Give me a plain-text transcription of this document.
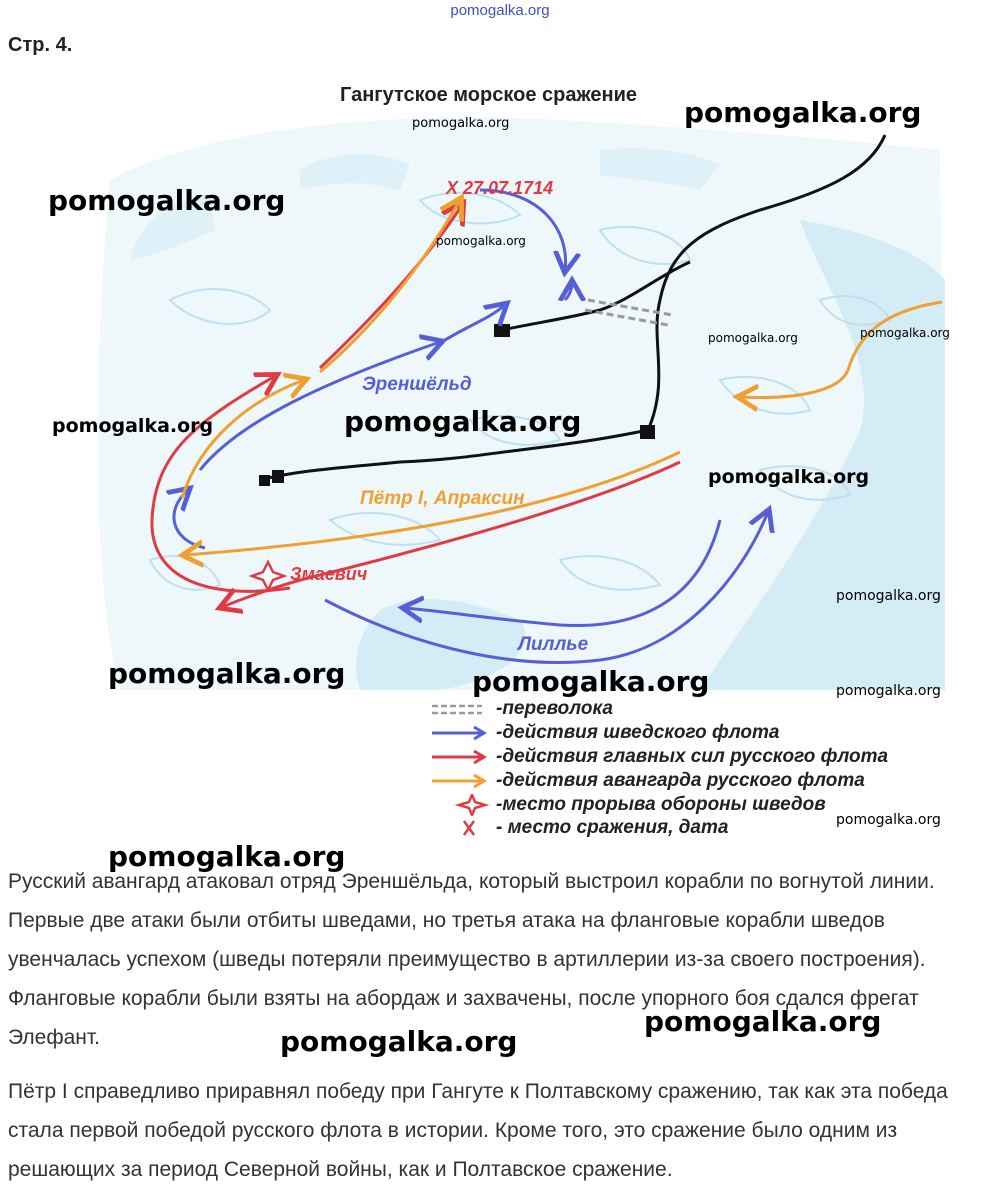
pomogalka.org
Стр. 4.
Гангутское морское сражение
X 27.07.1714
Эреншёльд
Пётр I, Апраксин
Змаевич
Лиллье
-переволока
-действия шведского флота
-действия главных сил русского флота
-действия авангарда русского флота
-место прорыва обороны шведов
- место сражения, дата
pomogalka.org	pomogalka.org
pomogalka.org
pomogalka.org
pomogalka.org
pomogalka.org
pomogalka.org	pomogalka.org
pomogalka.org
pomogalka.org
pomogalka.org	pomogalka.org	pomogalka.org
pomogalka.org
pomogalka.org
Русский авангард атаковал отряд Эреншёльда, который выстроил корабли по вогнутой линии. Первые две атаки были отбиты шведами, но третья атака на фланговые корабли шведов увенчалась успехом (шведы потеряли преимущество в артиллерии из-за своего построения). Фланговые корабли были взяты на абордаж и захвачены, после упорного боя сдался фрегат Элефант.
Пётр I справедливо приравнял победу при Гангуте к Полтавскому сражению, так как эта победа стала первой победой русского флота в истории. Кроме того, это сражение было одним из решающих за период Северной войны, как и Полтавское сражение.
pomogalka.org
pomogalka.org
